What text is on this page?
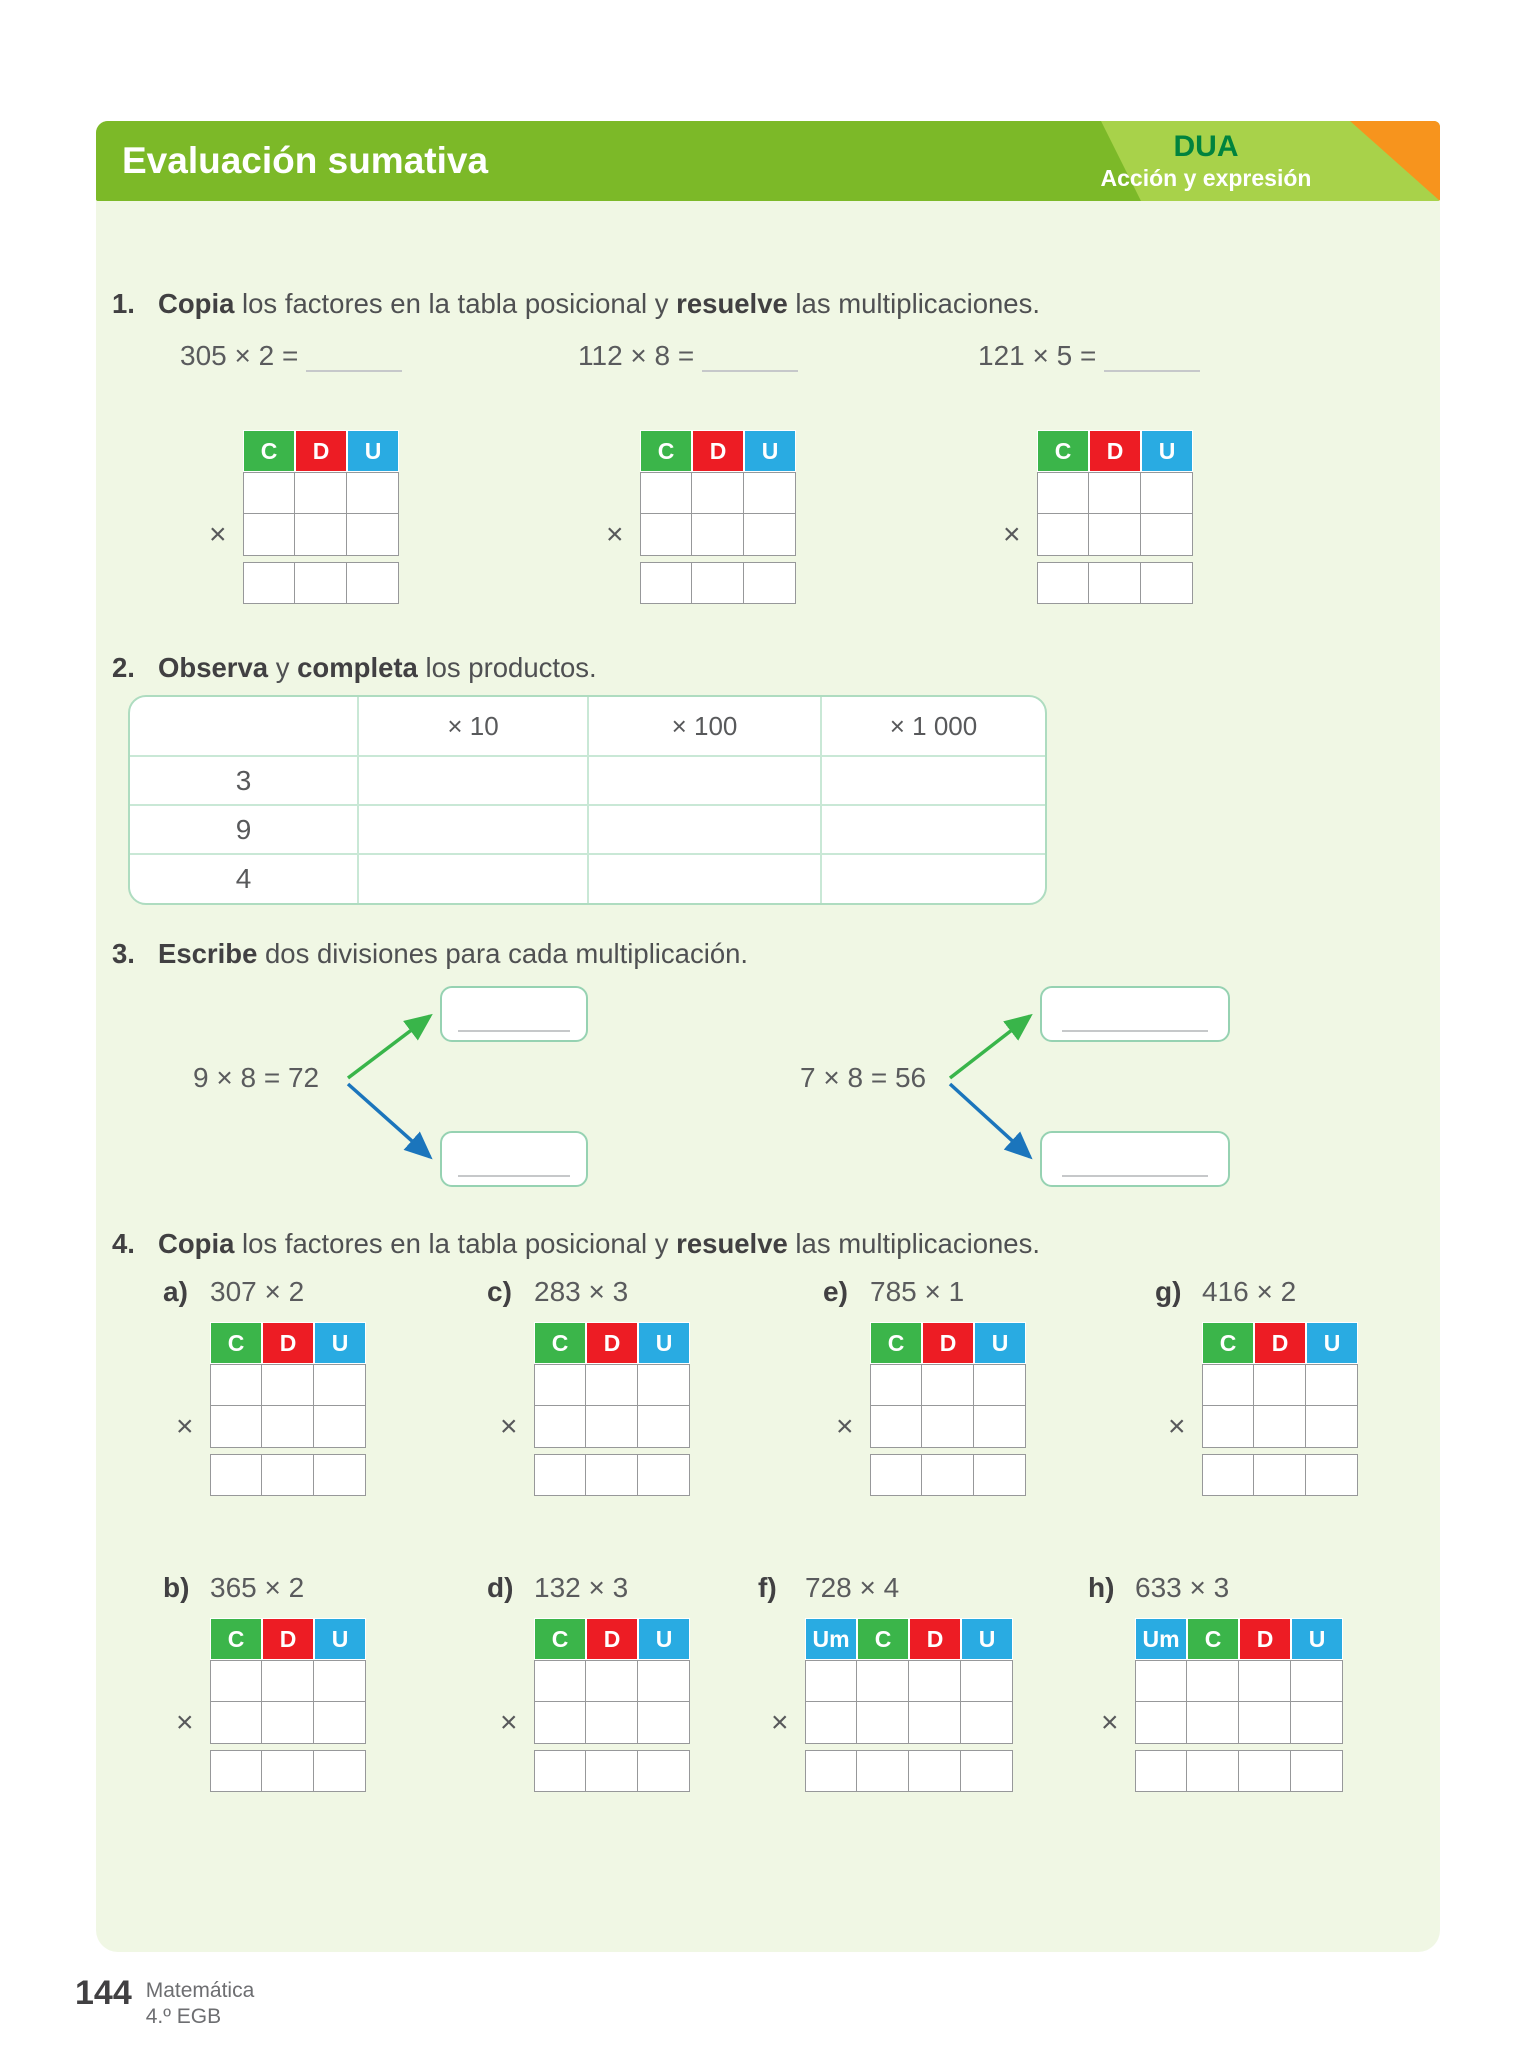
Evaluación sumativa	DUA
Acción y expresión
1. Copia los factores en la tabla posicional y resuelve las multiplicaciones.
305 × 2 =	112 × 8 =	121 × 5 =
×
C	D	U
×
C	D	U
×
C	D	U
2. Observa y completa los productos.
× 10	× 100	× 1 000
3
9
4
3. Escribe dos divisiones para cada multiplicación.
9 × 8 = 72	7 × 8 = 56
4. Copia los factores en la tabla posicional y resuelve las multiplicaciones.
a) 307 × 2
×
C	D	U
c) 283 × 3
×
C	D	U
e) 785 × 1
×
C	D	U
g) 416 × 2
×
C	D	U
b) 365 × 2
×
C	D	U
d) 132 × 3
×
C	D	U
f)	728 × 4
×
Um	C	D	U
h) 633 × 3
×
Um	C	D	U
144 Matemática
4.º EGB
